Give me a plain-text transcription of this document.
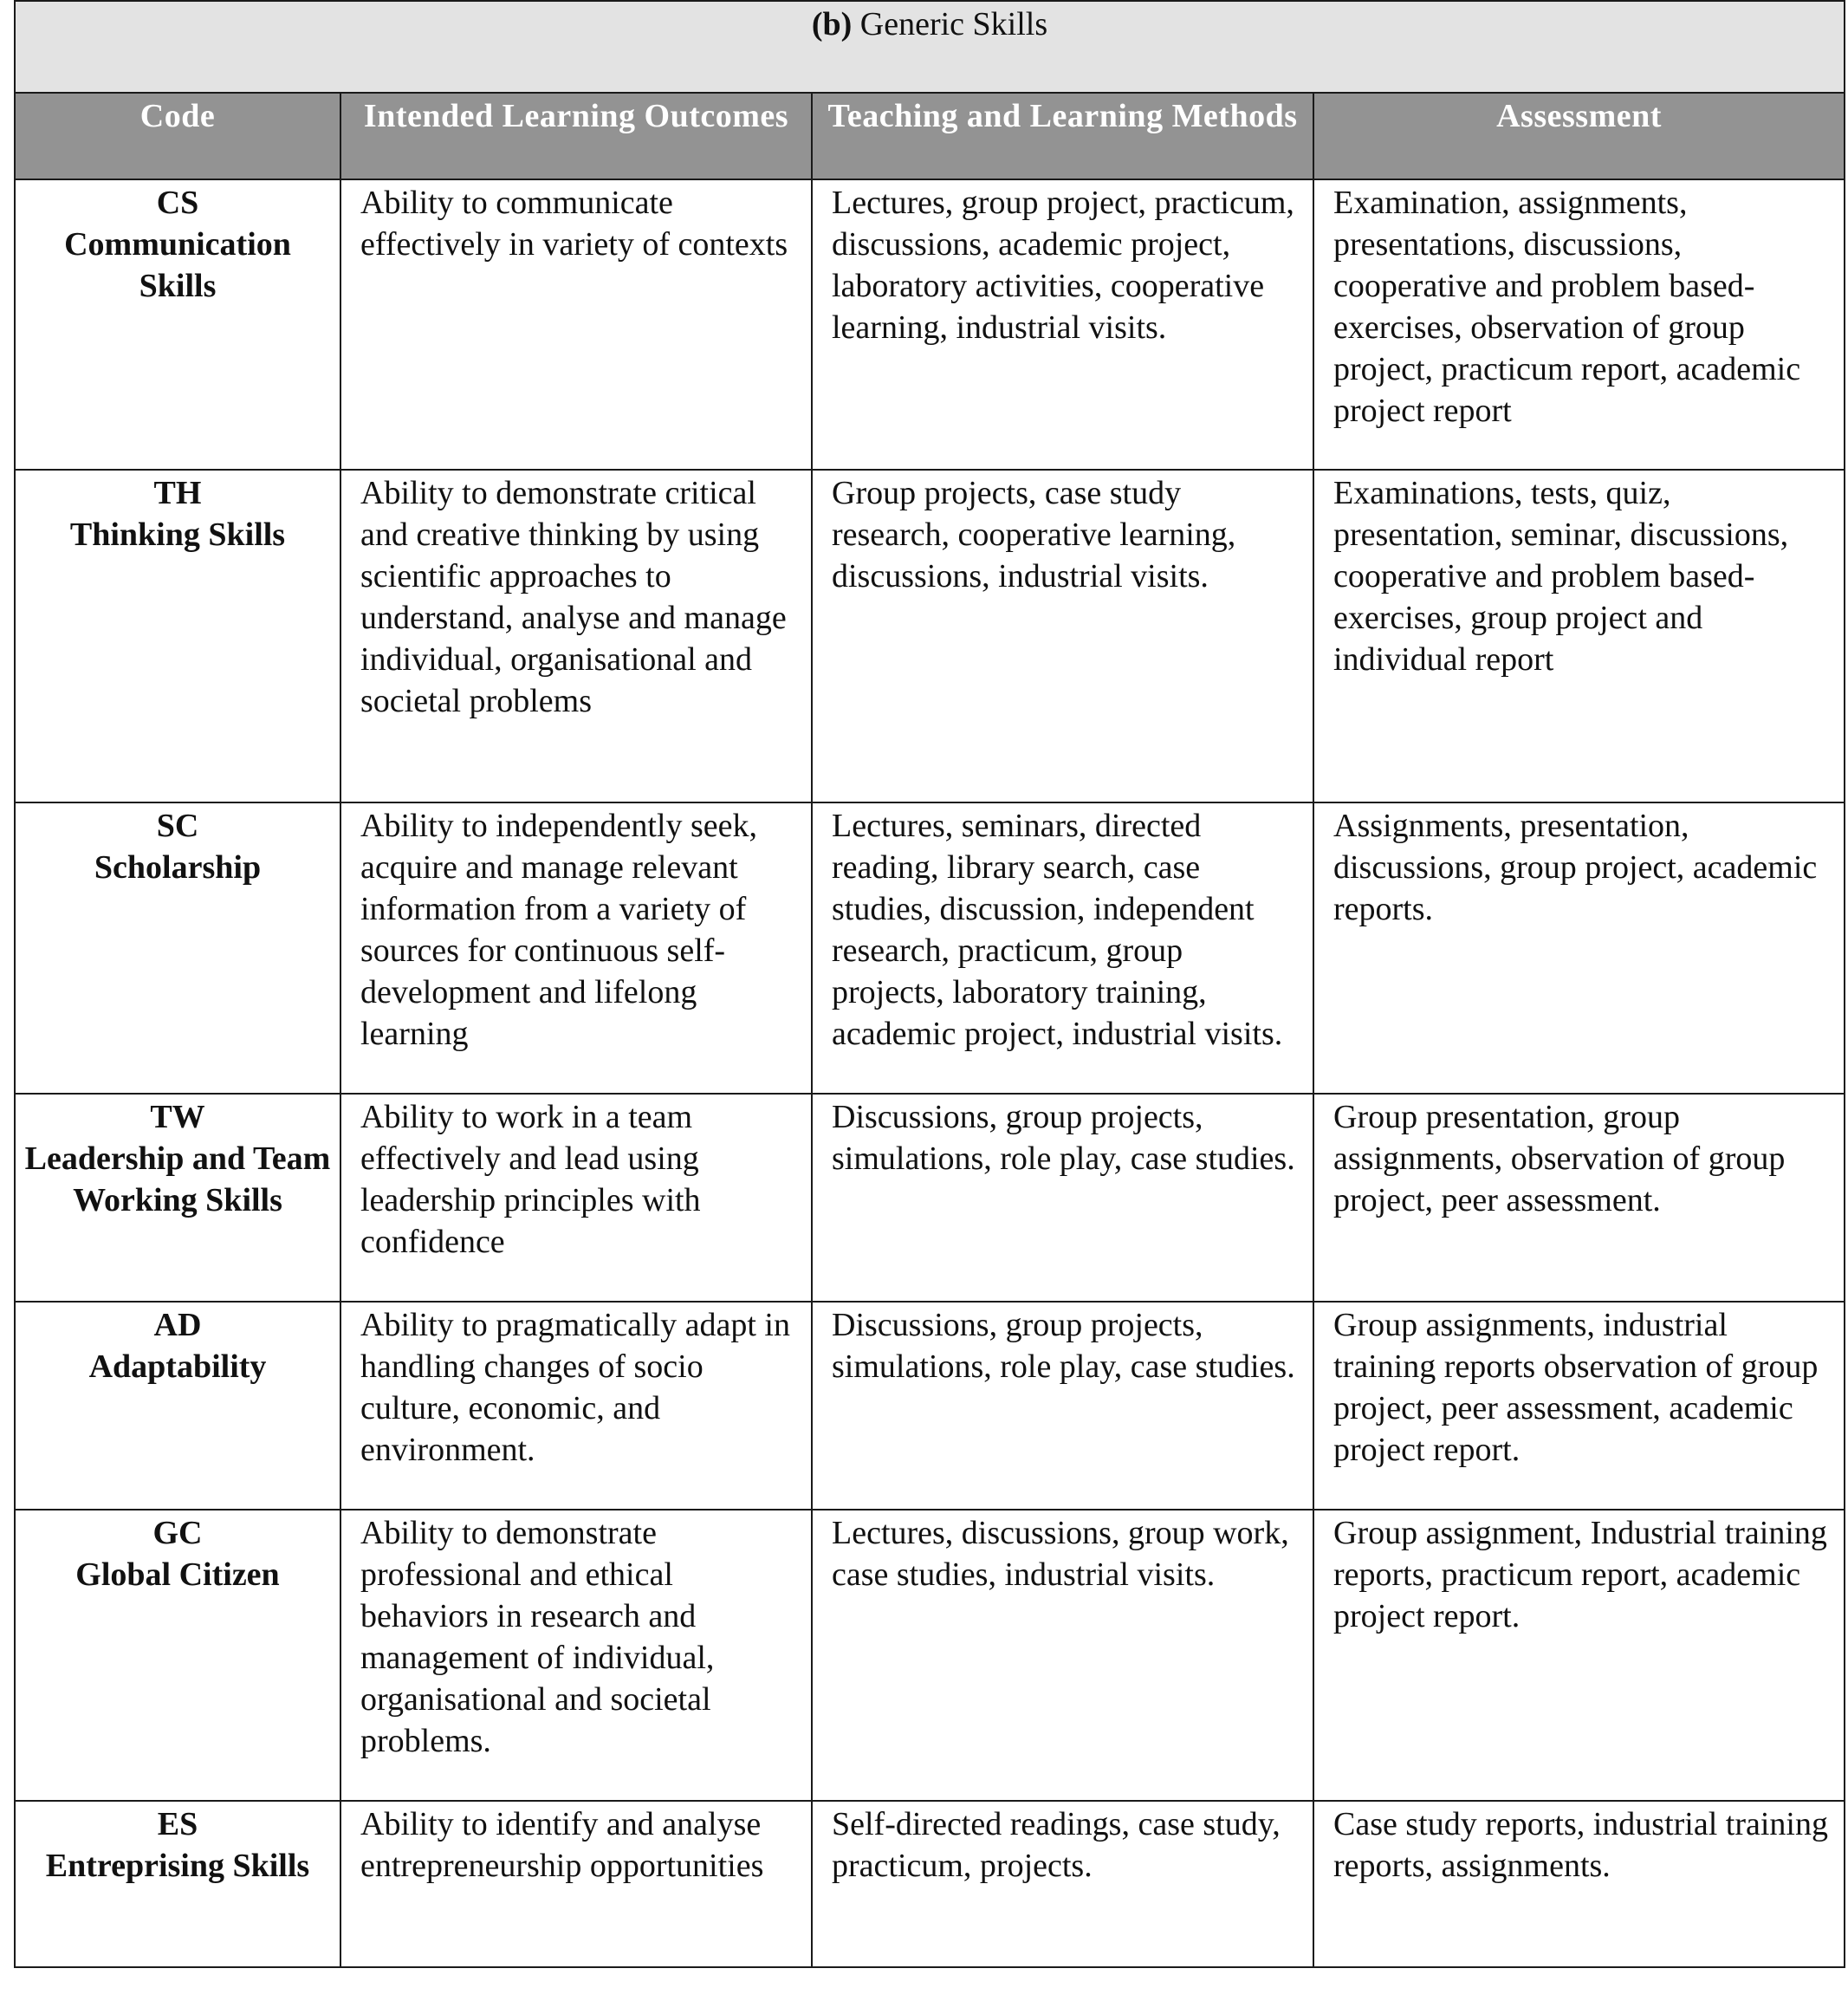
(b) Generic Skills			

Code	Intended Learning Outcomes	Teaching and Learning Methods	Assessment

CS
Communication Skills	Ability to communicate effectively in variety of contexts	Lectures, group project, practicum, discussions, academic project, laboratory activities, cooperative learning, industrial visits.	Examination, assignments, presentations, discussions, cooperative and problem based-exercises, observation of group project, practicum report, academic project report

TH
Thinking Skills	Ability to demonstrate critical and creative thinking by using scientific approaches to understand, analyse and manage individual, organisational and societal problems	Group projects, case study research, cooperative learning, discussions, industrial visits.	Examinations, tests, quiz, presentation, seminar, discussions, cooperative and problem based-exercises, group project and individual report

SC
Scholarship	Ability to independently seek, acquire and manage relevant information from a variety of sources for continuous self-development and lifelong learning	Lectures, seminars, directed reading, library search, case studies, discussion, independent research, practicum, group projects, laboratory training, academic project, industrial visits.	Assignments, presentation, discussions, group project, academic reports.

TW
Leadership and Team Working Skills	Ability to work in a team effectively and lead using leadership principles with confidence	Discussions, group projects, simulations, role play, case studies.	Group presentation, group assignments, observation of group project, peer assessment.

AD
Adaptability	Ability to pragmatically adapt in handling changes of socio culture, economic, and environment.	Discussions, group projects, simulations, role play, case studies.	Group assignments, industrial training reports observation of group project, peer assessment, academic project report.

GC
Global Citizen	Ability to demonstrate professional and ethical behaviors in research and management of individual, organisational and societal problems.	Lectures, discussions, group work, case studies, industrial visits.	Group assignment, Industrial training reports, practicum report, academic project report.

ES
Entreprising Skills	Ability to identify and analyse entrepreneurship opportunities	Self-directed readings, case study, practicum, projects.	Case study reports, industrial training reports, assignments.
